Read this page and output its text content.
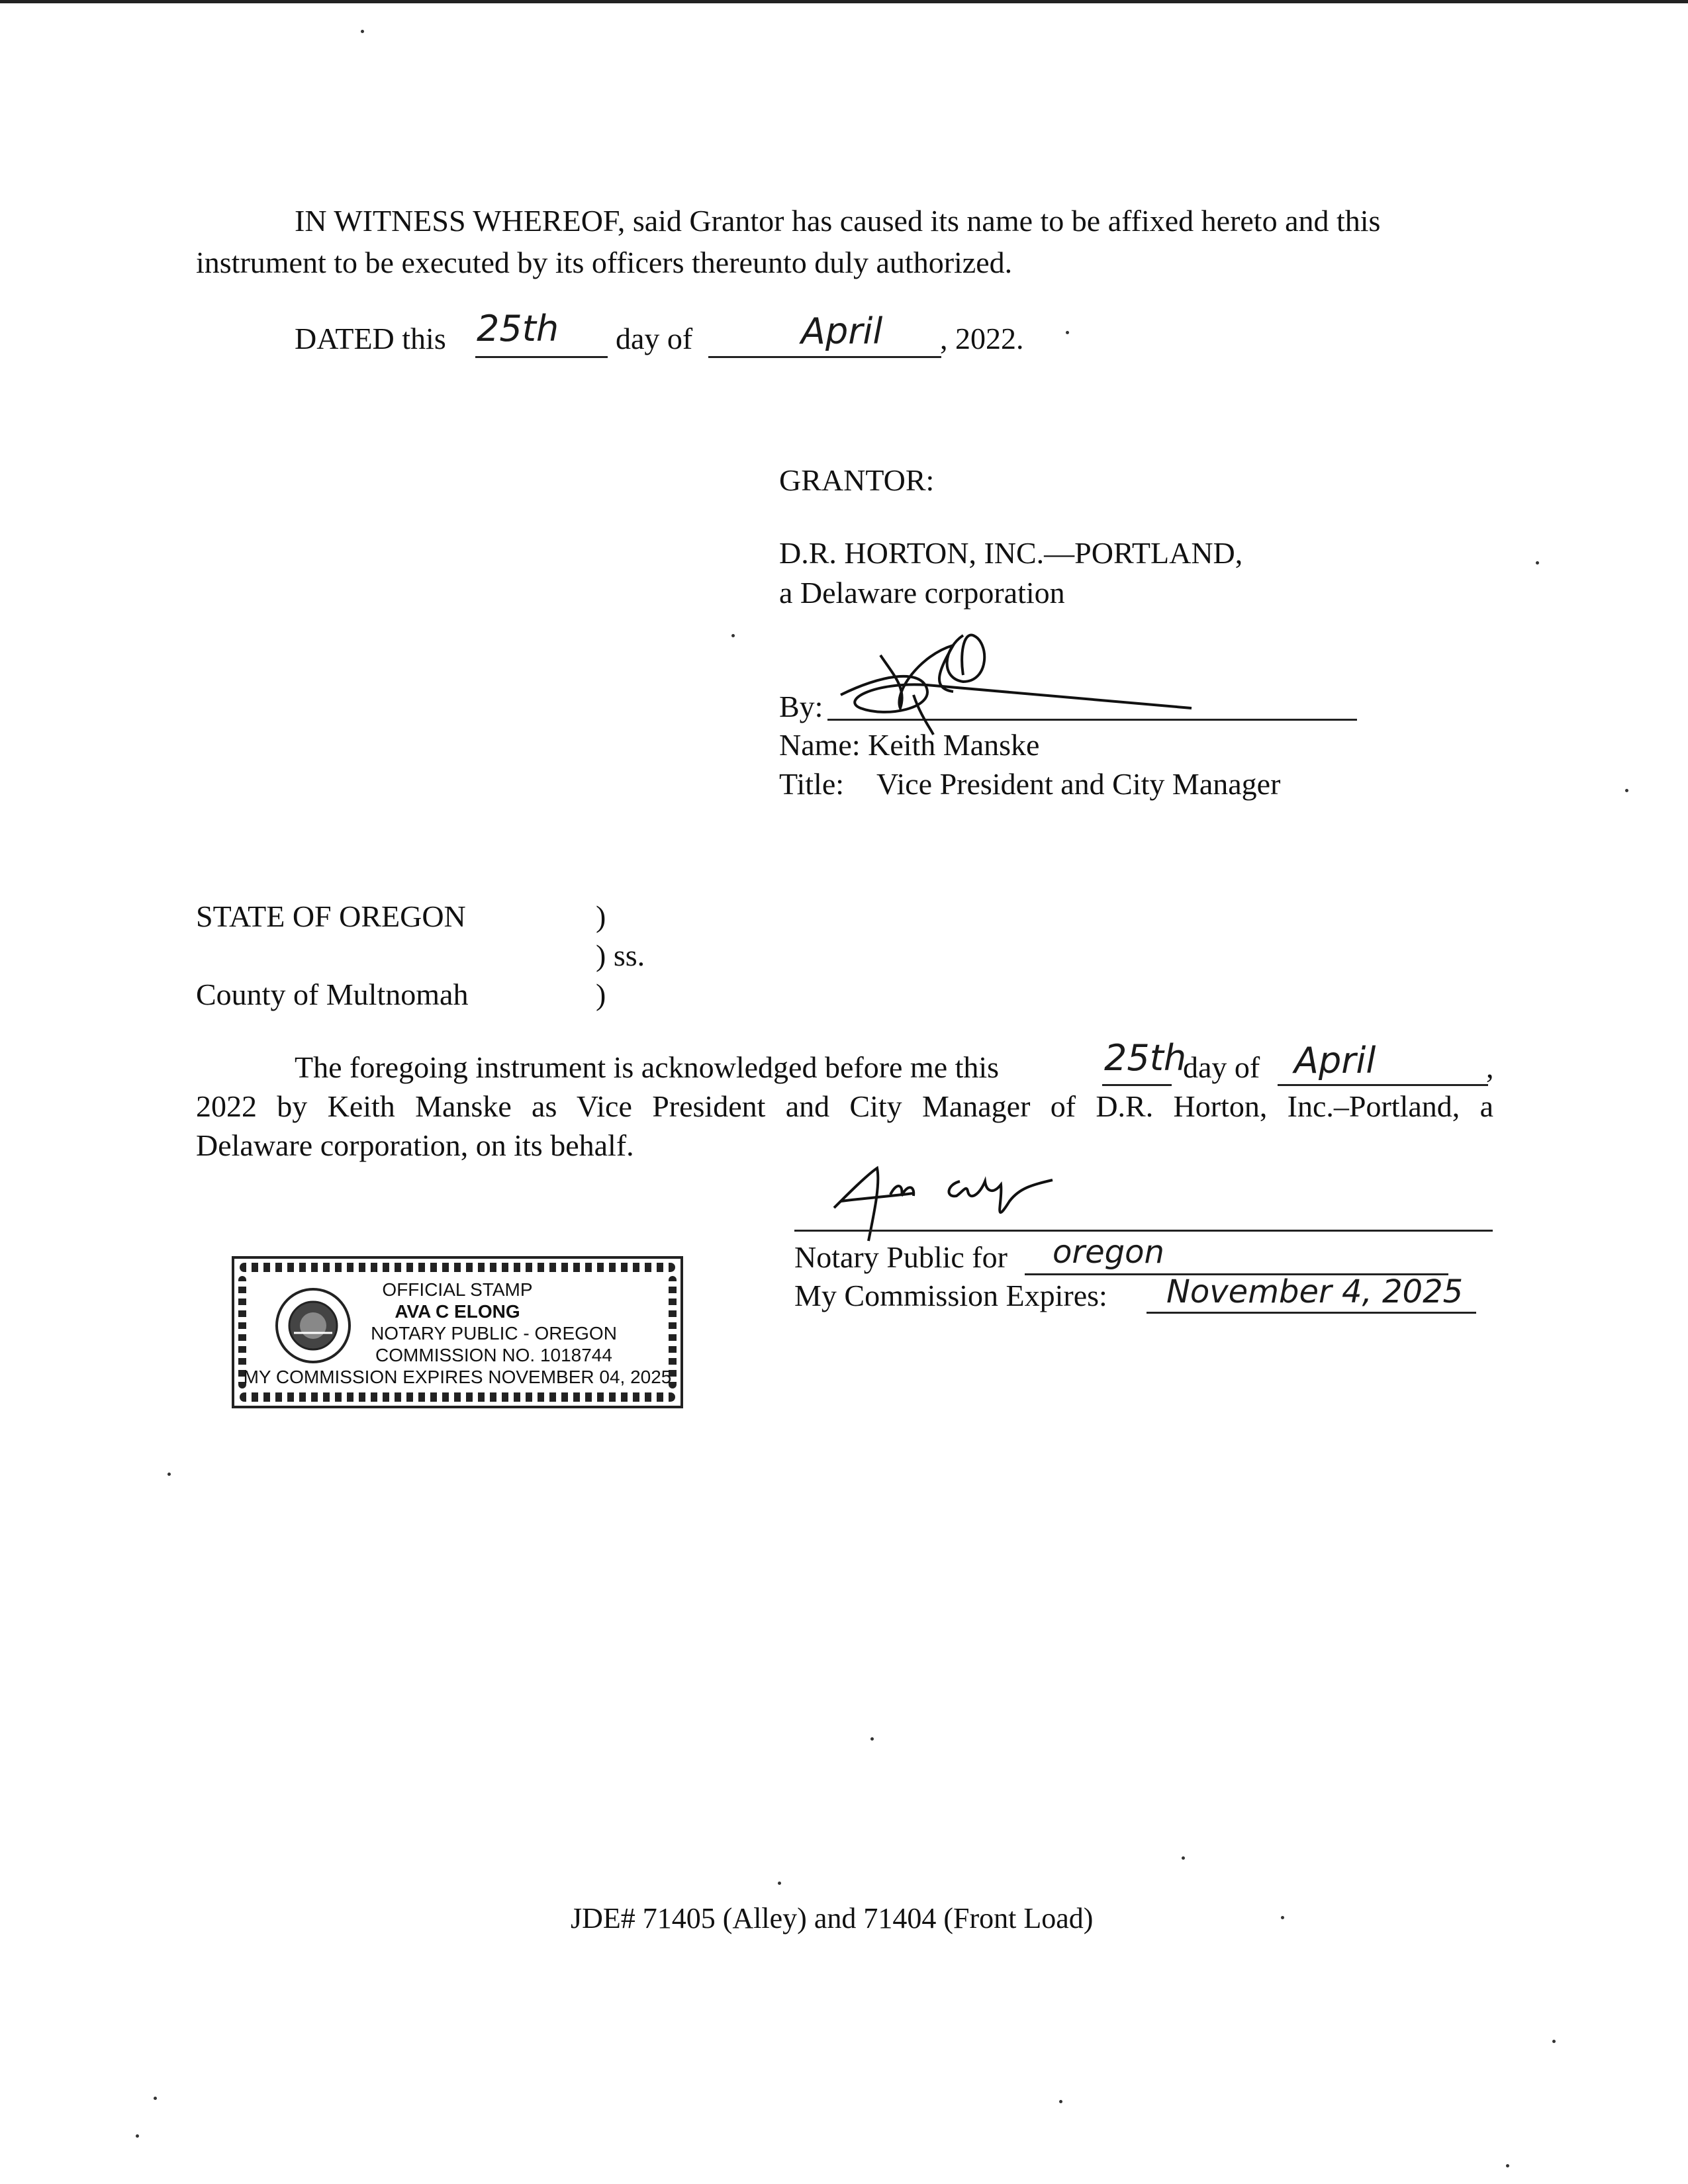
IN WITNESS WHEREOF, said Grantor has caused its name to be affixed hereto and this
instrument to be executed by its officers thereunto duly authorized.
DATED this 25th day of	April , 2022.
GRANTOR:
D.R. HORTON, INC.—PORTLAND,
a Delaware corporation
By:
Name: Keith Manske
Title: Vice President and City Manager
STATE OF OREGON	)
) ss.
County of Multnomah	)
The foregoing instrument is acknowledged before me this	25th
day of April	,
2022 by Keith Manske as Vice President and City Manager of D.R. Horton, Inc.–Portland, a
Delaware corporation, on its behalf.
Notary Public for oregon
My Commission Expires: November 4, 2025
OFFICIAL STAMP
AVA C ELONG
NOTARY PUBLIC - OREGON
COMMISSION NO. 1018744
MY COMMISSION EXPIRES NOVEMBER 04, 2025
JDE# 71405 (Alley) and 71404 (Front Load)
